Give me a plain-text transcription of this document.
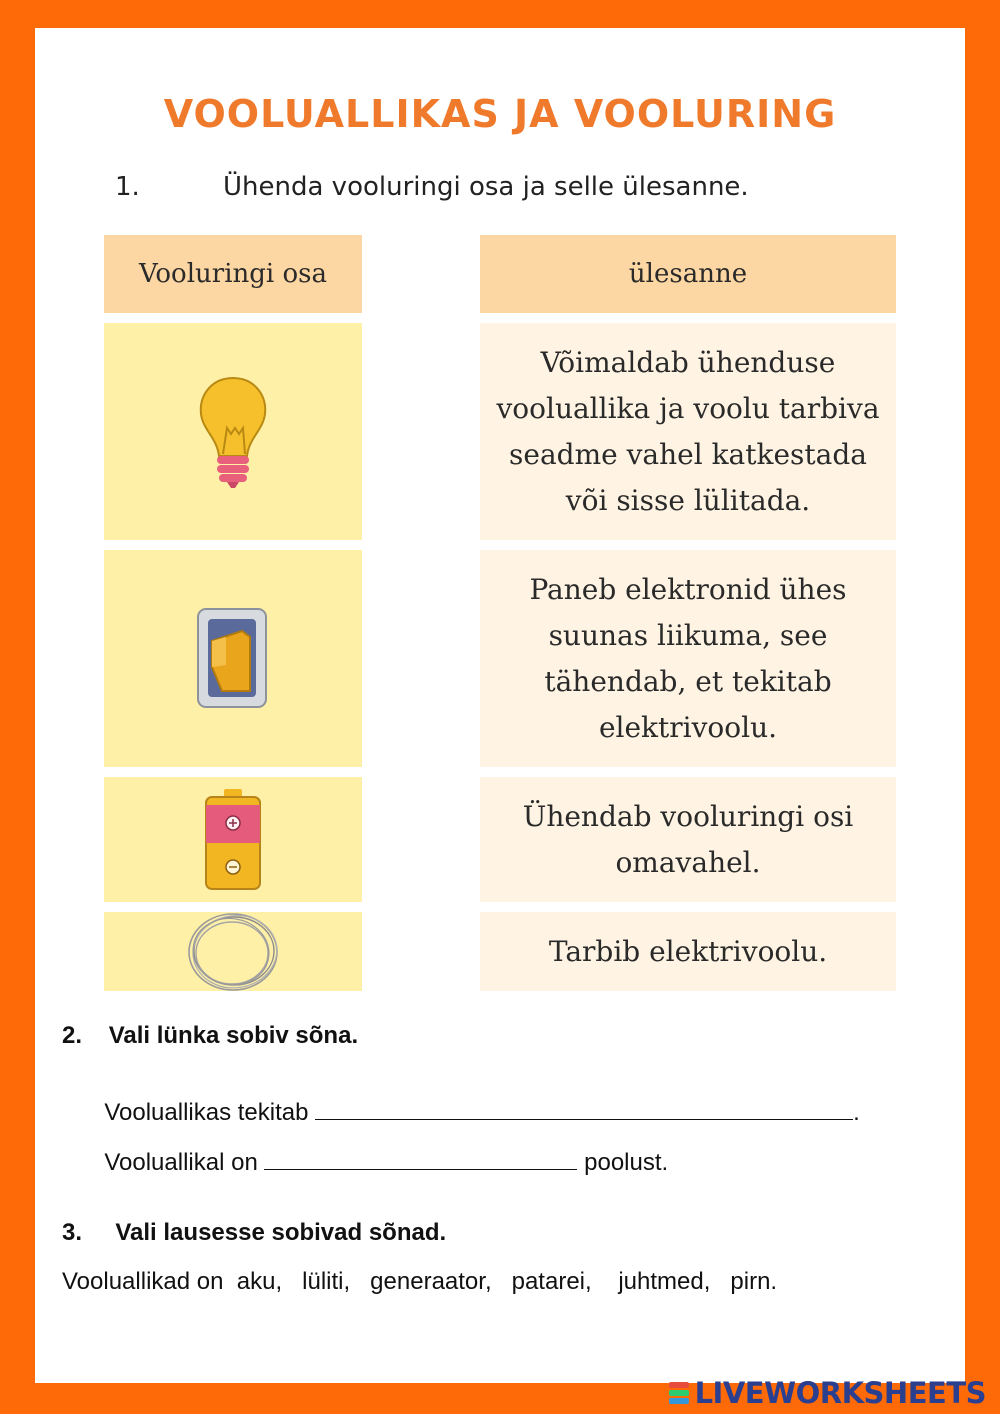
VOOLUALLIKAS JA VOOLURING
1.	Ühenda vooluringi osa ja selle ülesanne.
Vooluringi osa	ülesanne
Võimaldab ühenduse vooluallika ja voolu tarbiva seadme vahel katkestada või sisse lülitada.
Paneb elektronid ühes suunas liikuma, see tähendab, et tekitab elektrivoolu.
Ühendab vooluringi osi omavahel.
Tarbib elektrivoolu.
2.    Vali lünka sobiv sõna.

Vooluallikas tekitab	.

Vooluallikal on	poolust.

3.     Vali lausesse sobivad sõnad.
Vooluallikad on  aku,   lüliti,   generaator,   patarei,    juhtmed,   pirn.
LIVEWORKSHEETS
